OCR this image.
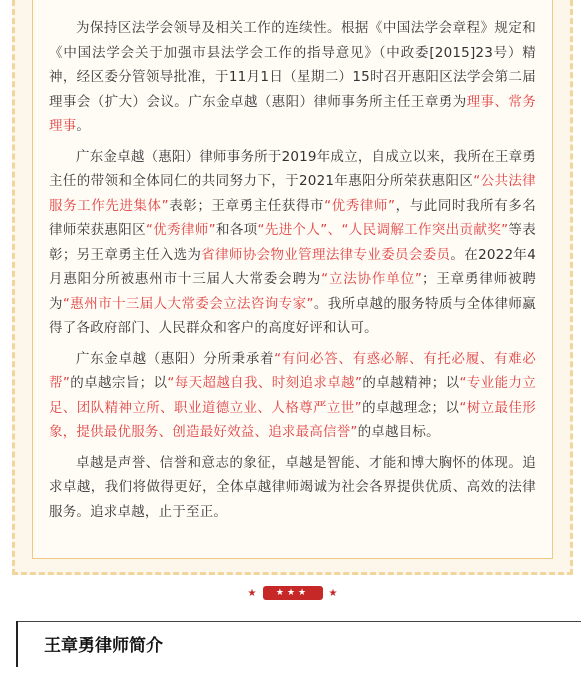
为保持区法学会领导及相关工作的连续性。根据《中国法学会章程》规定和《中国法学会关于加强市县法学会工作的指导意见》（中政委[2015]23号）精神，经区委分管领导批准，于11月1日（星期二）15时召开惠阳区法学会第二届理事会（扩大）会议。广东金卓越（惠阳）律师事务所主任王章勇为理事、常务理事。

广东金卓越（惠阳）律师事务所于2019年成立，自成立以来，我所在王章勇主任的带领和全体同仁的共同努力下，于2021年惠阳分所荣获惠阳区“公共法律服务工作先进集体”表彰；王章勇主任获得市“优秀律师”，与此同时我所有多名律师荣获惠阳区“优秀律师”和各项“先进个人”、“人民调解工作突出贡献奖”等表彰；另王章勇主任入选为省律师协会物业管理法律专业委员会委员。在2022年4月惠阳分所被惠州市十三届人大常委会聘为“立法协作单位”；王章勇律师被聘为“惠州市十三届人大常委会立法咨询专家”。我所卓越的服务特质与全体律师赢得了各政府部门、人民群众和客户的高度好评和认可。

广东金卓越（惠阳）分所秉承着“有问必答、有惑必解、有托必履、有难必帮”的卓越宗旨；以“每天超越自我、时刻追求卓越”的卓越精神；以“专业能力立足、团队精神立所、职业道德立业、人格尊严立世”的卓越理念；以“树立最佳形象，提供最优服务、创造最好效益、追求最高信誉”的卓越目标。

卓越是声誉、信誉和意志的象征，卓越是智能、才能和博大胸怀的体现。追求卓越，我们将做得更好，全体卓越律师竭诚为社会各界提供优质、高效的法律服务。追求卓越，止于至正。

★	★★★	★
王章勇律师简介
